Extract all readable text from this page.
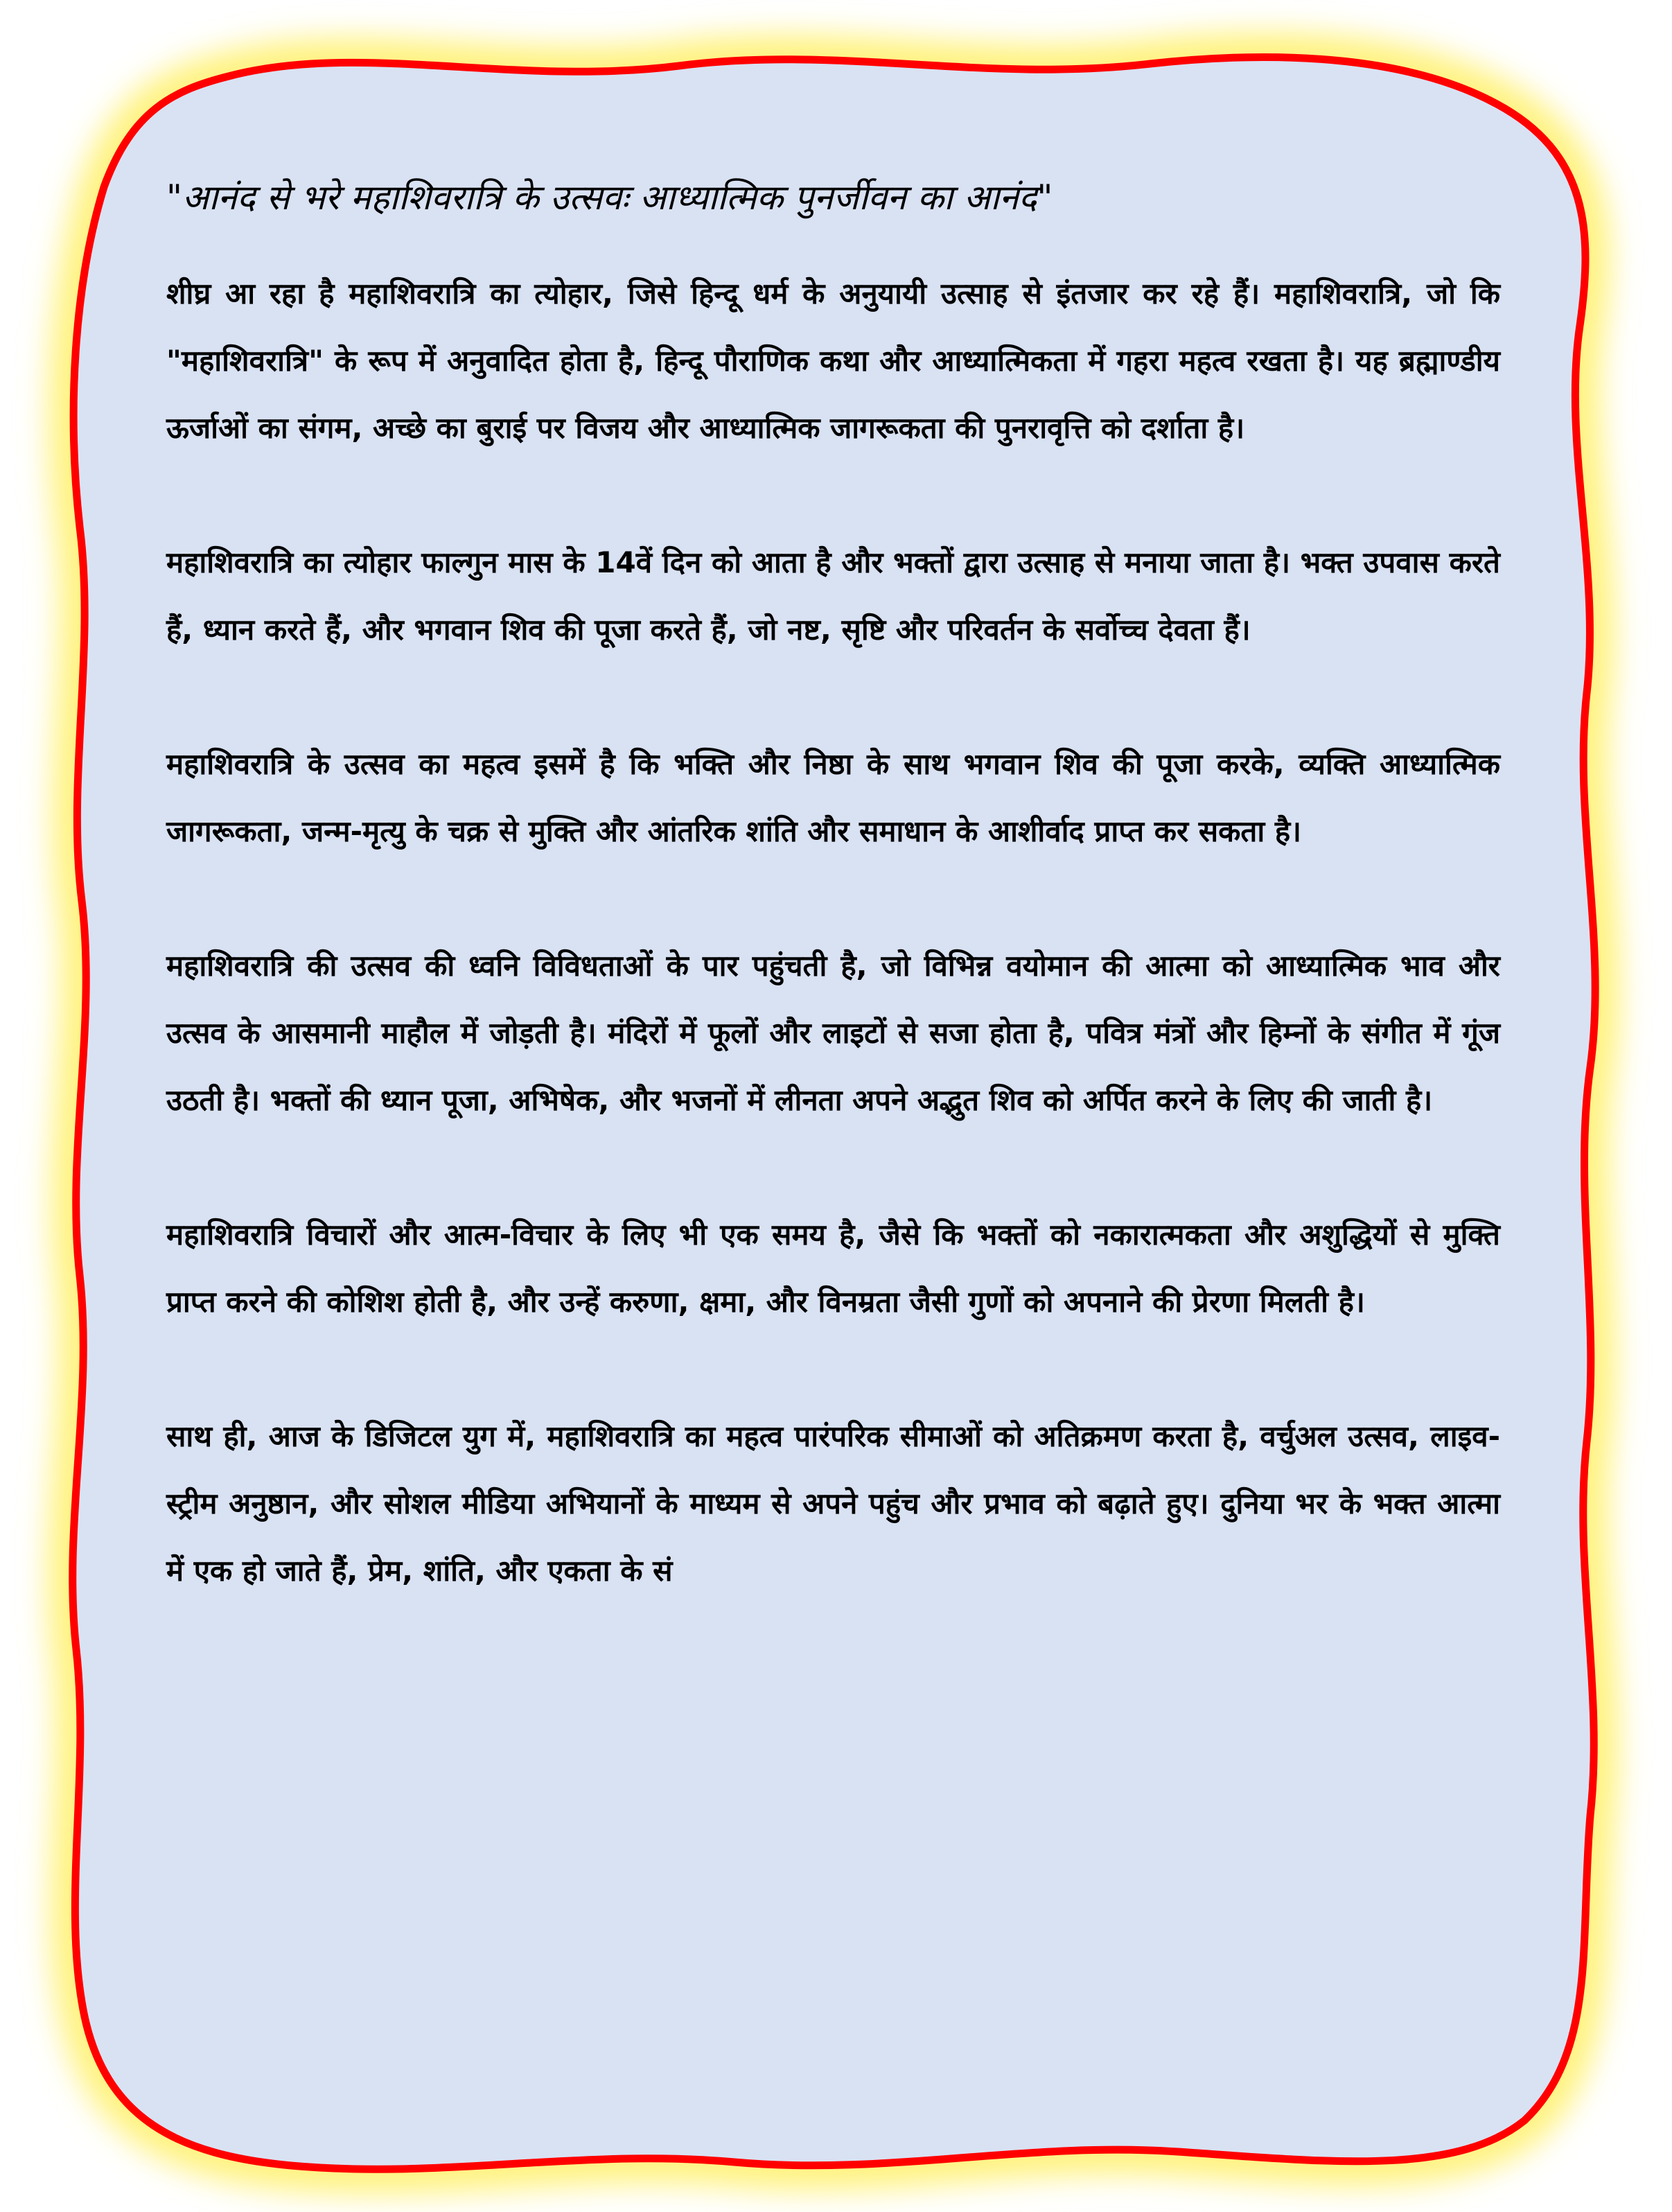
"आनंद से भरे महाशिवरात्रि के उत्सवः आध्यात्मिक पुनर्जीवन का आनंद"

शीघ्र आ रहा है महाशिवरात्रि का त्योहार, जिसे हिन्दू धर्म के अनुयायी उत्साह से इंतजार कर रहे हैं। महाशिवरात्रि, जो कि "महाशिवरात्रि" के रूप में अनुवादित होता है, हिन्दू पौराणिक कथा और आध्यात्मिकता में गहरा महत्व रखता है। यह ब्रह्माण्डीय ऊर्जाओं का संगम, अच्छे का बुराई पर विजय और आध्यात्मिक जागरूकता की पुनरावृत्ति को दर्शाता है।

महाशिवरात्रि का त्योहार फाल्गुन मास के 14वें दिन को आता है और भक्तों द्वारा उत्साह से मनाया जाता है। भक्त उपवास करते हैं, ध्यान करते हैं, और भगवान शिव की पूजा करते हैं, जो नष्ट, सृष्टि और परिवर्तन के सर्वोच्च देवता हैं।

महाशिवरात्रि के उत्सव का महत्व इसमें है कि भक्ति और निष्ठा के साथ भगवान शिव की पूजा करके, व्यक्ति आध्यात्मिक जागरूकता, जन्म-मृत्यु के चक्र से मुक्ति और आंतरिक शांति और समाधान के आशीर्वाद प्राप्त कर सकता है।

महाशिवरात्रि की उत्सव की ध्वनि विविधताओं के पार पहुंचती है, जो विभिन्न वयोमान की आत्मा को आध्यात्मिक भाव और उत्सव के आसमानी माहौल में जोड़ती है। मंदिरों में फूलों और लाइटों से सजा होता है, पवित्र मंत्रों और हिम्नों के संगीत में गूंज उठती है। भक्तों की ध्यान पूजा, अभिषेक, और भजनों में लीनता अपने अद्भुत शिव को अर्पित करने के लिए की जाती है।

महाशिवरात्रि विचारों और आत्म-विचार के लिए भी एक समय है, जैसे कि भक्तों को नकारात्मकता और अशुद्धियों से मुक्ति प्राप्त करने की कोशिश होती है, और उन्हें करुणा, क्षमा, और विनम्रता जैसी गुणों को अपनाने की प्रेरणा मिलती है।

साथ ही, आज के डिजिटल युग में, महाशिवरात्रि का महत्व पारंपरिक सीमाओं को अतिक्रमण करता है, वर्चुअल उत्सव, लाइव-स्ट्रीम अनुष्ठान, और सोशल मीडिया अभियानों के माध्यम से अपने पहुंच और प्रभाव को बढ़ाते हुए। दुनिया भर के भक्त आत्मा में एक हो जाते हैं, प्रेम, शांति, और एकता के सं
